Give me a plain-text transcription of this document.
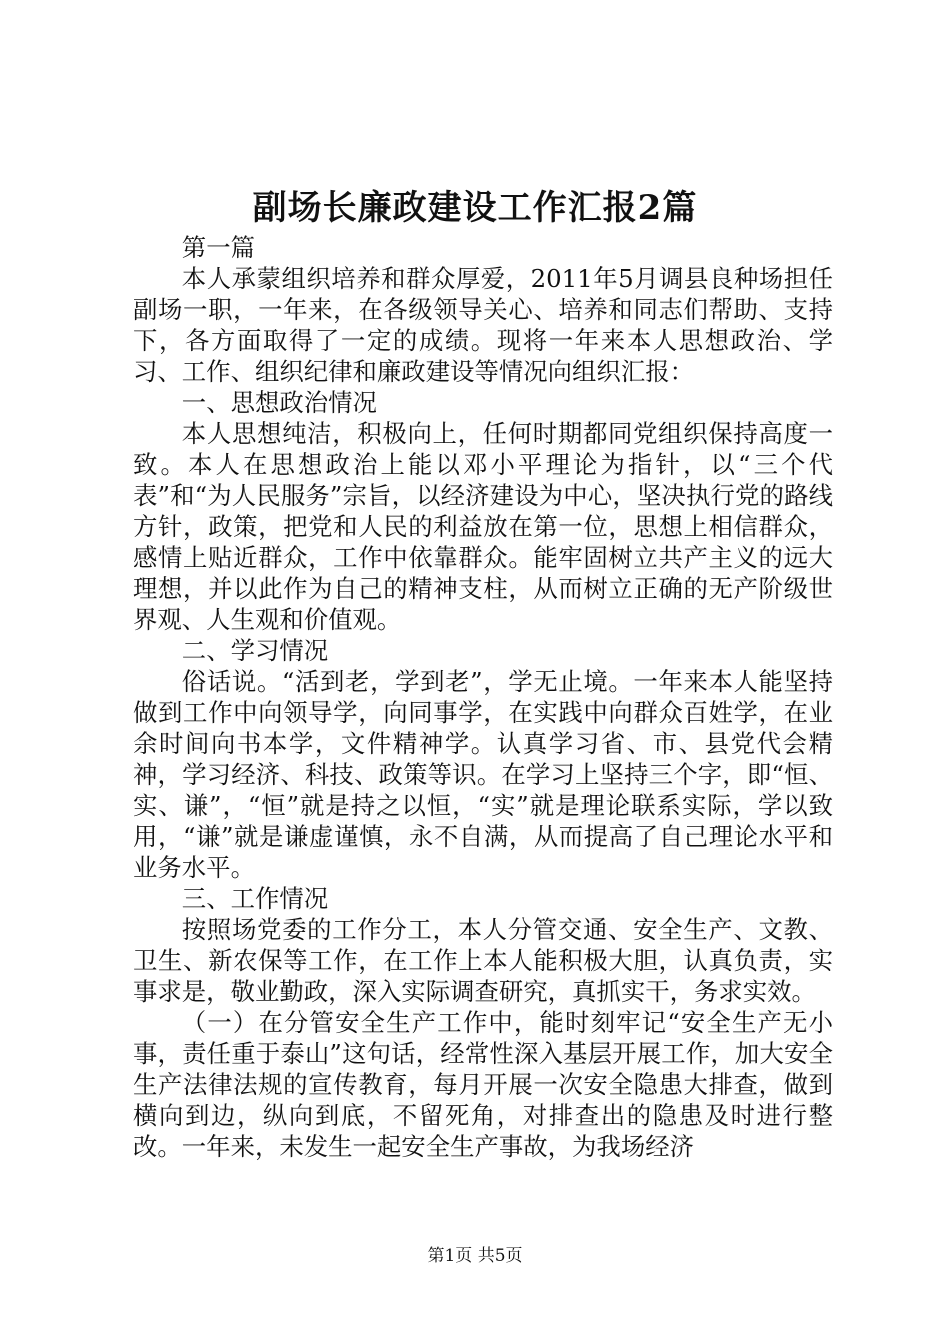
副场长廉政建设工作汇报2篇

第一篇

本人承蒙组织培养和群众厚爱，2011年5月调县良种场担任副场一职，一年来，在各级领导关心、培养和同志们帮助、支持下，各方面取得了一定的成绩。现将一年来本人思想政治、学习、工作、组织纪律和廉政建设等情况向组织汇报：

一、思想政治情况

本人思想纯洁，积极向上，任何时期都同党组织保持高度一致。本人在思想政治上能以邓小平理论为指针，以“三个代表”和“为人民服务”宗旨，以经济建设为中心，坚决执行党的路线方针，政策，把党和人民的利益放在第一位，思想上相信群众，感情上贴近群众，工作中依靠群众。能牢固树立共产主义的远大理想，并以此作为自己的精神支柱，从而树立正确的无产阶级世界观、人生观和价值观。

二、学习情况

俗话说。“活到老，学到老”，学无止境。一年来本人能坚持做到工作中向领导学，向同事学，在实践中向群众百姓学，在业余时间向书本学，文件精神学。认真学习省、市、县党代会精神，学习经济、科技、政策等识。在学习上坚持三个字，即“恒、实、谦”，“恒”就是持之以恒，“实”就是理论联系实际，学以致用，“谦”就是谦虚谨慎，永不自满，从而提高了自己理论水平和业务水平。

三、工作情况

按照场党委的工作分工，本人分管交通、安全生产、文教、卫生、新农保等工作，在工作上本人能积极大胆，认真负责，实事求是，敬业勤政，深入实际调查研究，真抓实干，务求实效。

（一）在分管安全生产工作中，能时刻牢记“安全生产无小事，责任重于泰山”这句话，经常性深入基层开展工作，加大安全生产法律法规的宣传教育，每月开展一次安全隐患大排查，做到横向到边，纵向到底，不留死角，对排查出的隐患及时进行整改。一年来，未发生一起安全生产事故，为我场经济

第1页 共5页
